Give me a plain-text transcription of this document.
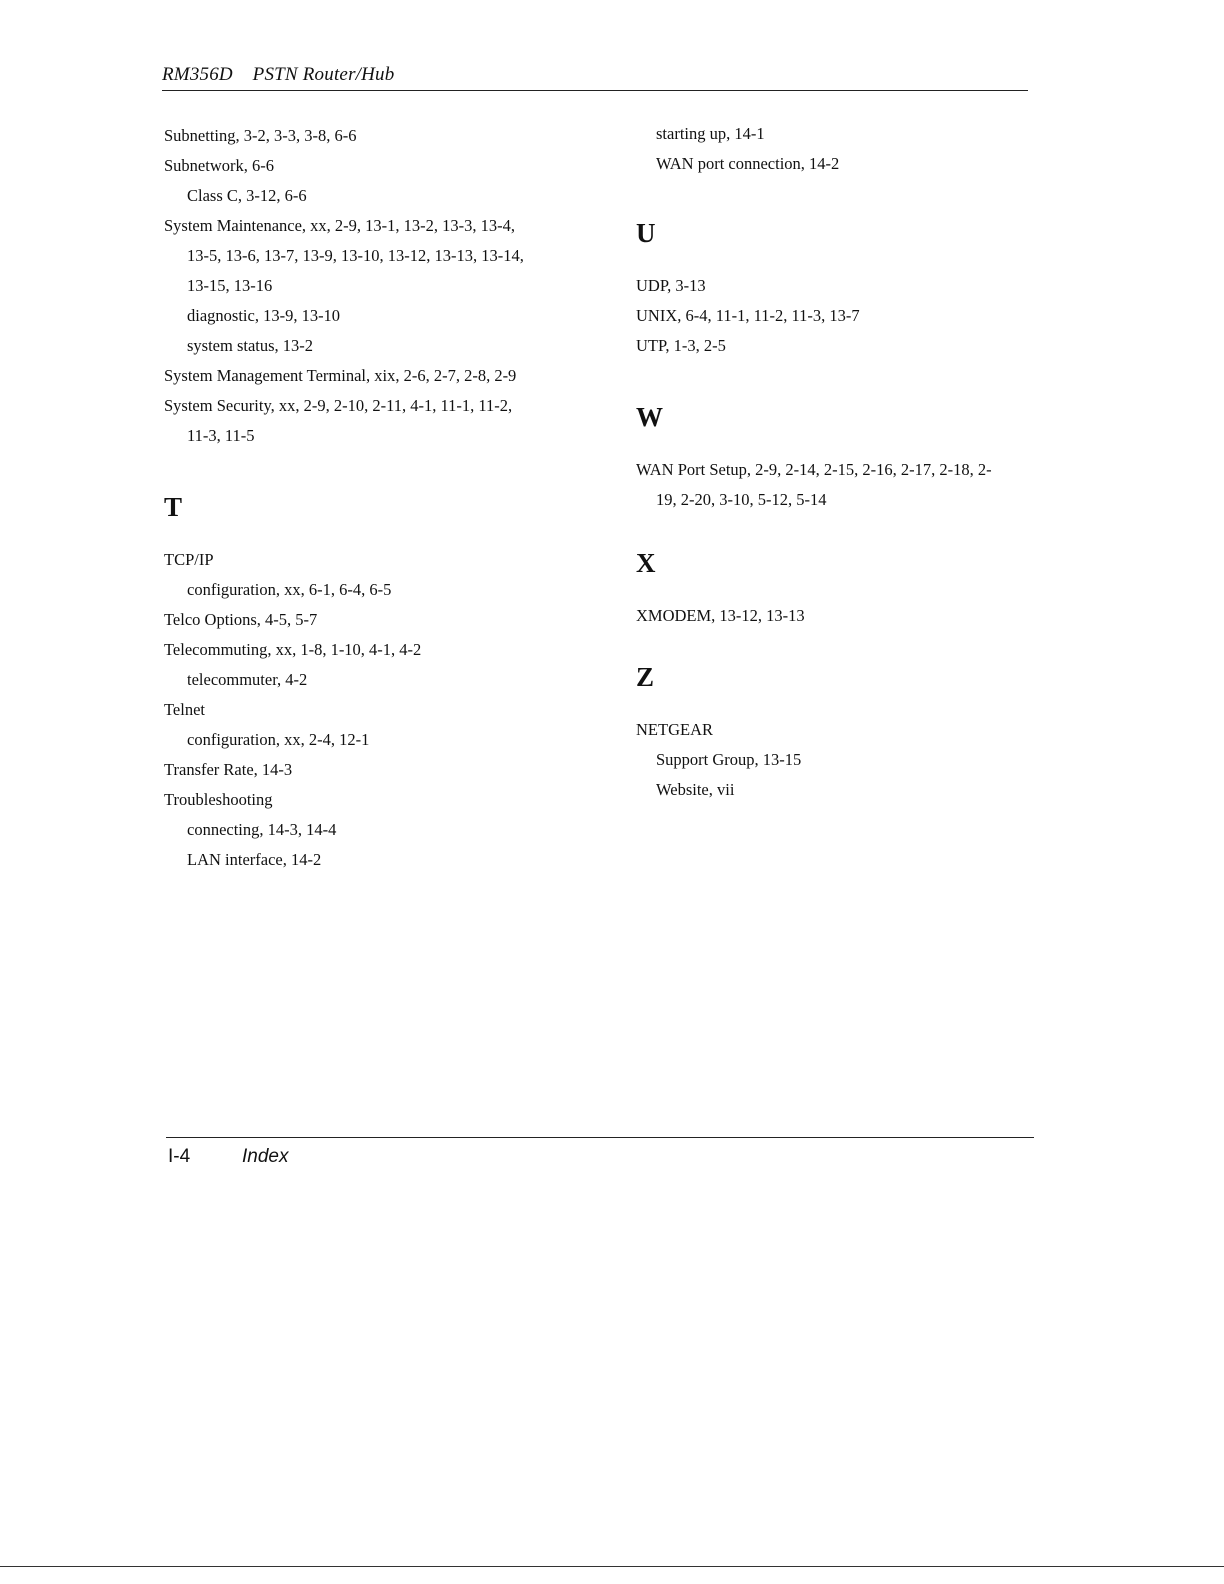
RM356D    PSTN Router/Hub
Subnetting, 3-2, 3-3, 3-8, 6-6
Subnetwork, 6-6
Class C, 3-12, 6-6
System Maintenance, xx, 2-9, 13-1, 13-2, 13-3, 13-4,
13-5, 13-6, 13-7, 13-9, 13-10, 13-12, 13-13, 13-14,
13-15, 13-16
diagnostic, 13-9, 13-10
system status, 13-2
System Management Terminal, xix, 2-6, 2-7, 2-8, 2-9
System Security, xx, 2-9, 2-10, 2-11, 4-1, 11-1, 11-2,
11-3, 11-5
T
TCP/IP
configuration, xx, 6-1, 6-4, 6-5
Telco Options, 4-5, 5-7
Telecommuting, xx, 1-8, 1-10, 4-1, 4-2
telecommuter, 4-2
Telnet
configuration, xx, 2-4, 12-1
Transfer Rate, 14-3
Troubleshooting
connecting, 14-3, 14-4
LAN interface, 14-2
starting up, 14-1
WAN port connection, 14-2
U
UDP, 3-13
UNIX, 6-4, 11-1, 11-2, 11-3, 13-7
UTP, 1-3, 2-5
W
WAN Port Setup, 2-9, 2-14, 2-15, 2-16, 2-17, 2-18, 2-
19, 2-20, 3-10, 5-12, 5-14
X
XMODEM, 13-12, 13-13
Z
NETGEAR
Support Group, 13-15
Website, vii
I-4	Index
